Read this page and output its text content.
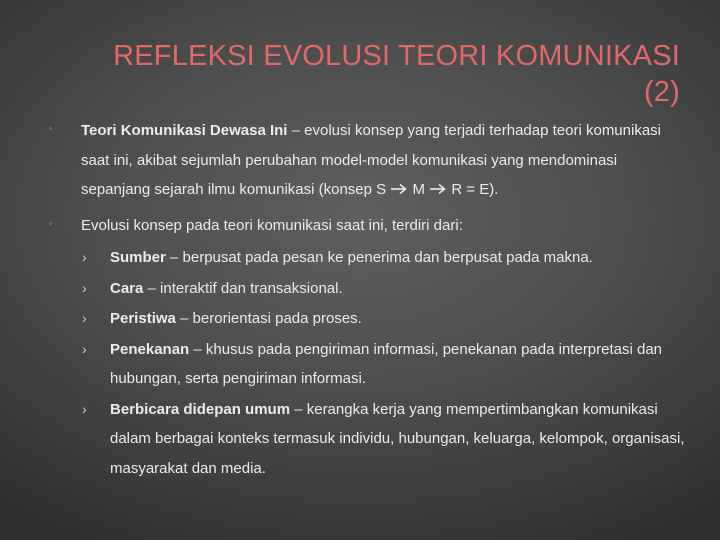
REFLEKSI EVOLUSI TEORI KOMUNIKASI
(2)
◦
Teori Komunikasi Dewasa Ini – evolusi konsep yang terjadi terhadap teori komunikasi saat ini, akibat sejumlah perubahan model-model komunikasi yang mendominasi sepanjang sejarah ilmu komunikasi (konsep S  M  R = E).
◦
Evolusi konsep pada teori komunikasi saat ini, terdiri dari:
› Sumber – berpusat pada pesan ke penerima dan berpusat pada makna.
› Cara – interaktif dan transaksional.
› Peristiwa – berorientasi pada proses.
› Penekanan – khusus pada pengiriman informasi, penekanan pada interpretasi dan hubungan, serta pengiriman informasi.
› Berbicara didepan umum – kerangka kerja yang mempertimbangkan komunikasi dalam berbagai konteks termasuk individu, hubungan, keluarga, kelompok, organisasi, masyarakat dan media.
